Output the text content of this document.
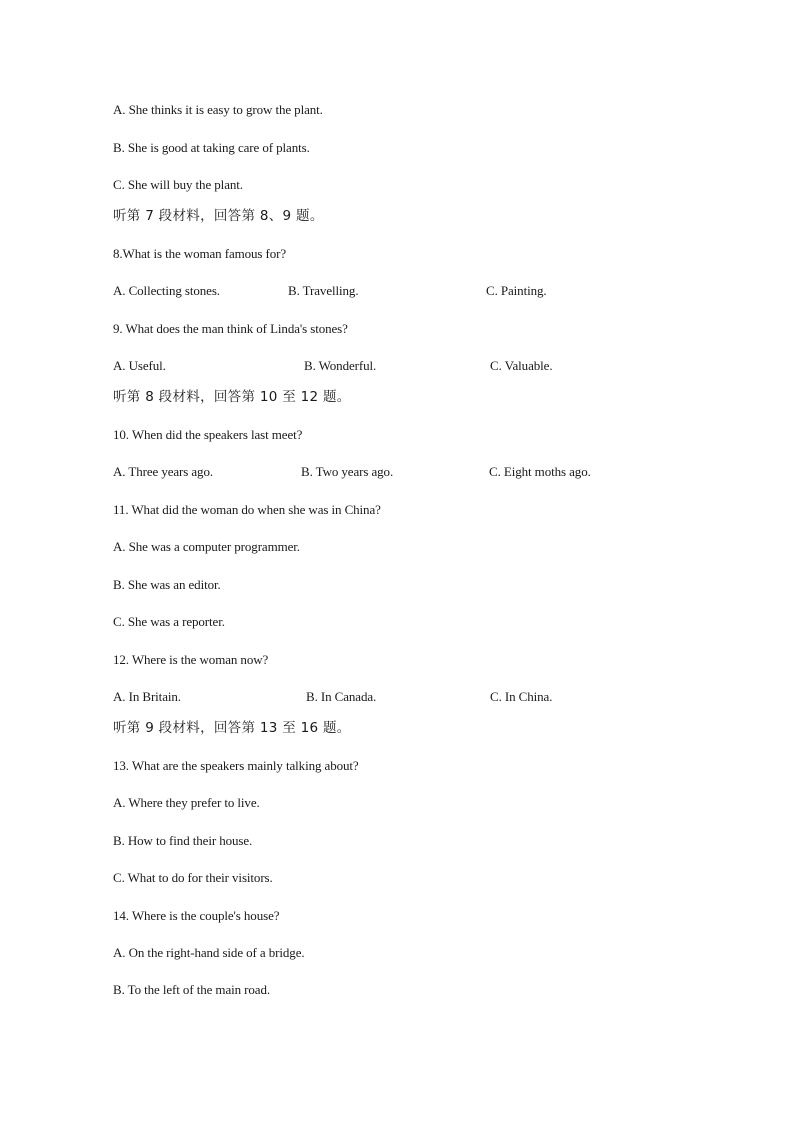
A. She thinks it is easy to grow the plant.
B. She is good at taking care of plants.
C. She will buy the plant.
听第 7 段材料，回答第 8、9 题。
8.What is the woman famous for?
A. Collecting stones.	B. Travelling.	C. Painting.
9. What does the man think of Linda's stones?
A. Useful.	B. Wonderful.	C. Valuable.
听第 8 段材料，回答第 10 至 12 题。
10. When did the speakers last meet?
A. Three years ago.	B. Two years ago.	C. Eight moths ago.
11. What did the woman do when she was in China?
A. She was a computer programmer.
B. She was an editor.
C. She was a reporter.
12. Where is the woman now?
A. In Britain.	B. In Canada.	C. In China.
听第 9 段材料，回答第 13 至 16 题。
13. What are the speakers mainly talking about?
A. Where they prefer to live.
B. How to find their house.
C. What to do for their visitors.
14. Where is the couple's house?
A. On the right-hand side of a bridge.
B. To the left of the main road.
